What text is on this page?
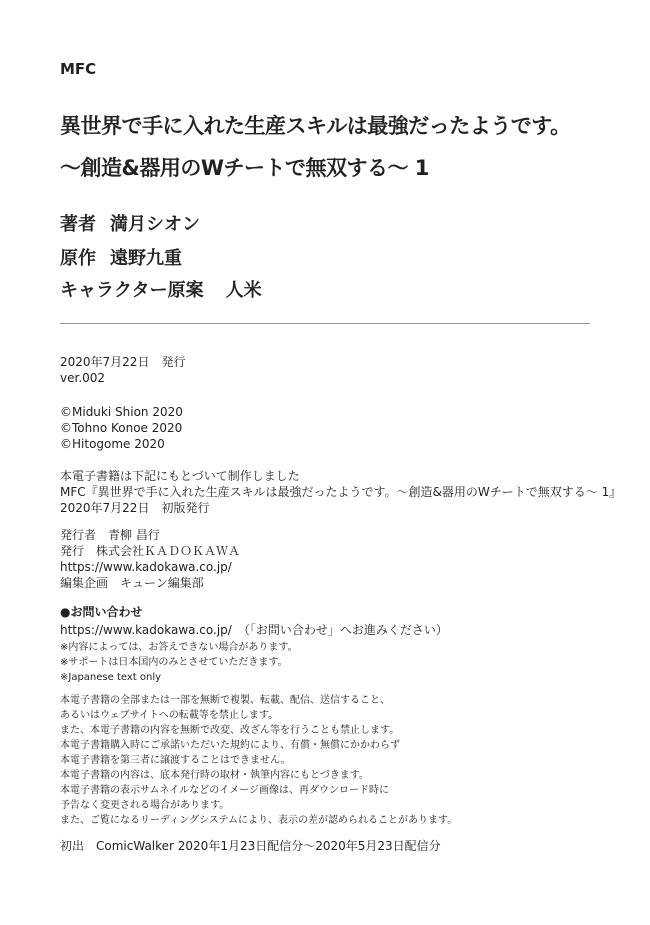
MFC
異世界で手に入れた生産スキルは最強だったようです。
〜創造&器用のWチートで無双する〜 1
著者 満月シオン
原作 遠野九重
キャラクター原案 人米
2020年7月22日　発行
ver.002
©Miduki Shion 2020
©Tohno Konoe 2020
©Hitogome 2020
本電子書籍は下記にもとづいて制作しました
MFC『異世界で手に入れた生産スキルは最強だったようです。〜創造&器用のWチートで無双する〜 1』
2020年7月22日　初版発行
発行者　青柳 昌行
発行　株式会社ＫＡＤＯＫＡＷＡ
https://www.kadokawa.co.jp/
編集企画　キューン編集部
●お問い合わせ
https://www.kadokawa.co.jp/　（「お問い合わせ」へお進みください）
※内容によっては、お答えできない場合があります。
※サポートは日本国内のみとさせていただきます。
※Japanese text only
本電子書籍の全部または一部を無断で複製、転載、配信、送信すること、
あるいはウェブサイトへの転載等を禁止します。
また、本電子書籍の内容を無断で改変、改ざん等を行うことも禁止します。
本電子書籍購入時にご承諾いただいた規約により、有償・無償にかかわらず
本電子書籍を第三者に譲渡することはできません。
本電子書籍の内容は、底本発行時の取材・執筆内容にもとづきます。
本電子書籍の表示サムネイルなどのイメージ画像は、再ダウンロード時に
予告なく変更される場合があります。
また、ご覧になるリーディングシステムにより、表示の差が認められることがあります。
初出　ComicWalker 2020年1月23日配信分〜2020年5月23日配信分
